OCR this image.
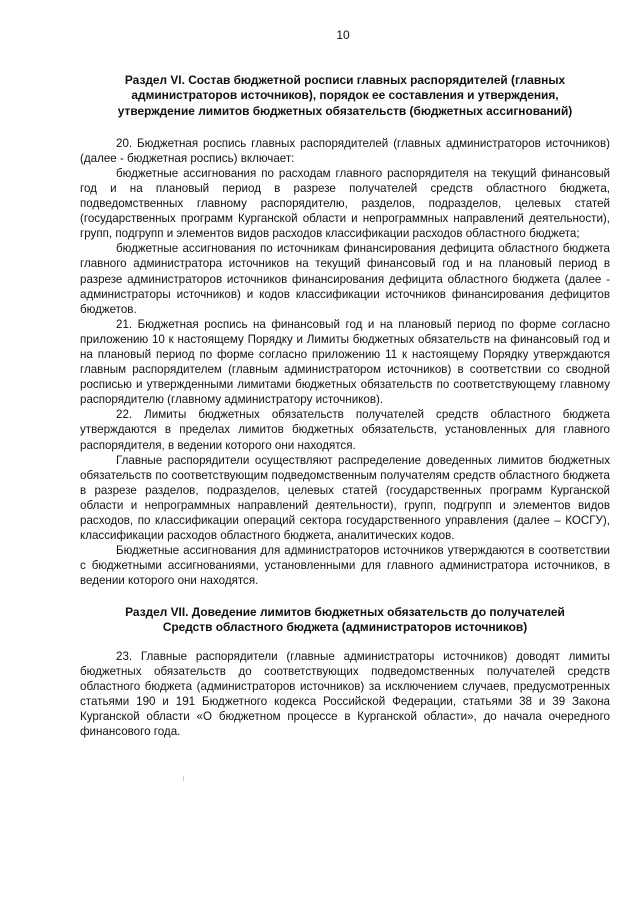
10

Раздел VI. Состав бюджетной росписи главных распорядителей (главных
администраторов источников), порядок ее составления и утверждения,
утверждение лимитов бюджетных обязательств (бюджетных ассигнований)

20. Бюджетная роспись главных распорядителей (главных администраторов источников) (далее - бюджетная роспись) включает:

бюджетные ассигнования по расходам главного распорядителя на текущий финансовый год и на плановый период в разрезе получателей средств областного бюджета, подведомственных главному распорядителю, разделов, подразделов, целевых статей (государственных программ Курганской области и непрограммных направлений деятельности), групп, подгрупп и элементов видов расходов классификации расходов областного бюджета;

бюджетные ассигнования по источникам финансирования дефицита областного бюджета главного администратора источников на текущий финансовый год и на плановый период в разрезе администраторов источников финансирования дефицита областного бюджета (далее - администраторы источников) и кодов классификации источников финансирования дефицитов бюджетов.

21. Бюджетная роспись на финансовый год и на плановый период по форме согласно приложению 10 к настоящему Порядку и Лимиты бюджетных обязательств на финансовый год и на плановый период по форме согласно приложению 11 к настоящему Порядку утверждаются главным распорядителем (главным администратором источников) в соответствии со сводной росписью и утвержденными лимитами бюджетных обязательств по соответствующему главному распорядителю (главному администратору источников).

22. Лимиты бюджетных обязательств получателей средств областного бюджета утверждаются в пределах лимитов бюджетных обязательств, установленных для главного распорядителя, в ведении которого они находятся.

Главные распорядители осуществляют распределение доведенных лимитов бюджетных обязательств по соответствующим подведомственным получателям средств областного бюджета в разрезе разделов, подразделов, целевых статей (государственных программ Курганской области и непрограммных направлений деятельности), групп, подгрупп и элементов видов расходов, по классификации операций сектора государственного управления (далее – КОСГУ), классификации расходов областного бюджета, аналитических кодов.

Бюджетные ассигнования для администраторов источников утверждаются в соответствии с бюджетными ассигнованиями, установленными для главного администратора источников, в ведении которого они находятся.

Раздел VII. Доведение лимитов бюджетных обязательств до получателей
Средств областного бюджета (администраторов источников)

23. Главные распорядители (главные администраторы источников) доводят лимиты бюджетных обязательств до соответствующих подведомственных получателей средств областного бюджета (администраторов источников) за исключением случаев, предусмотренных статьями 190 и 191 Бюджетного кодекса Российской Федерации, статьями 38 и 39 Закона Курганской области «О бюджетном процессе в Курганской области», до начала очередного финансового года.
